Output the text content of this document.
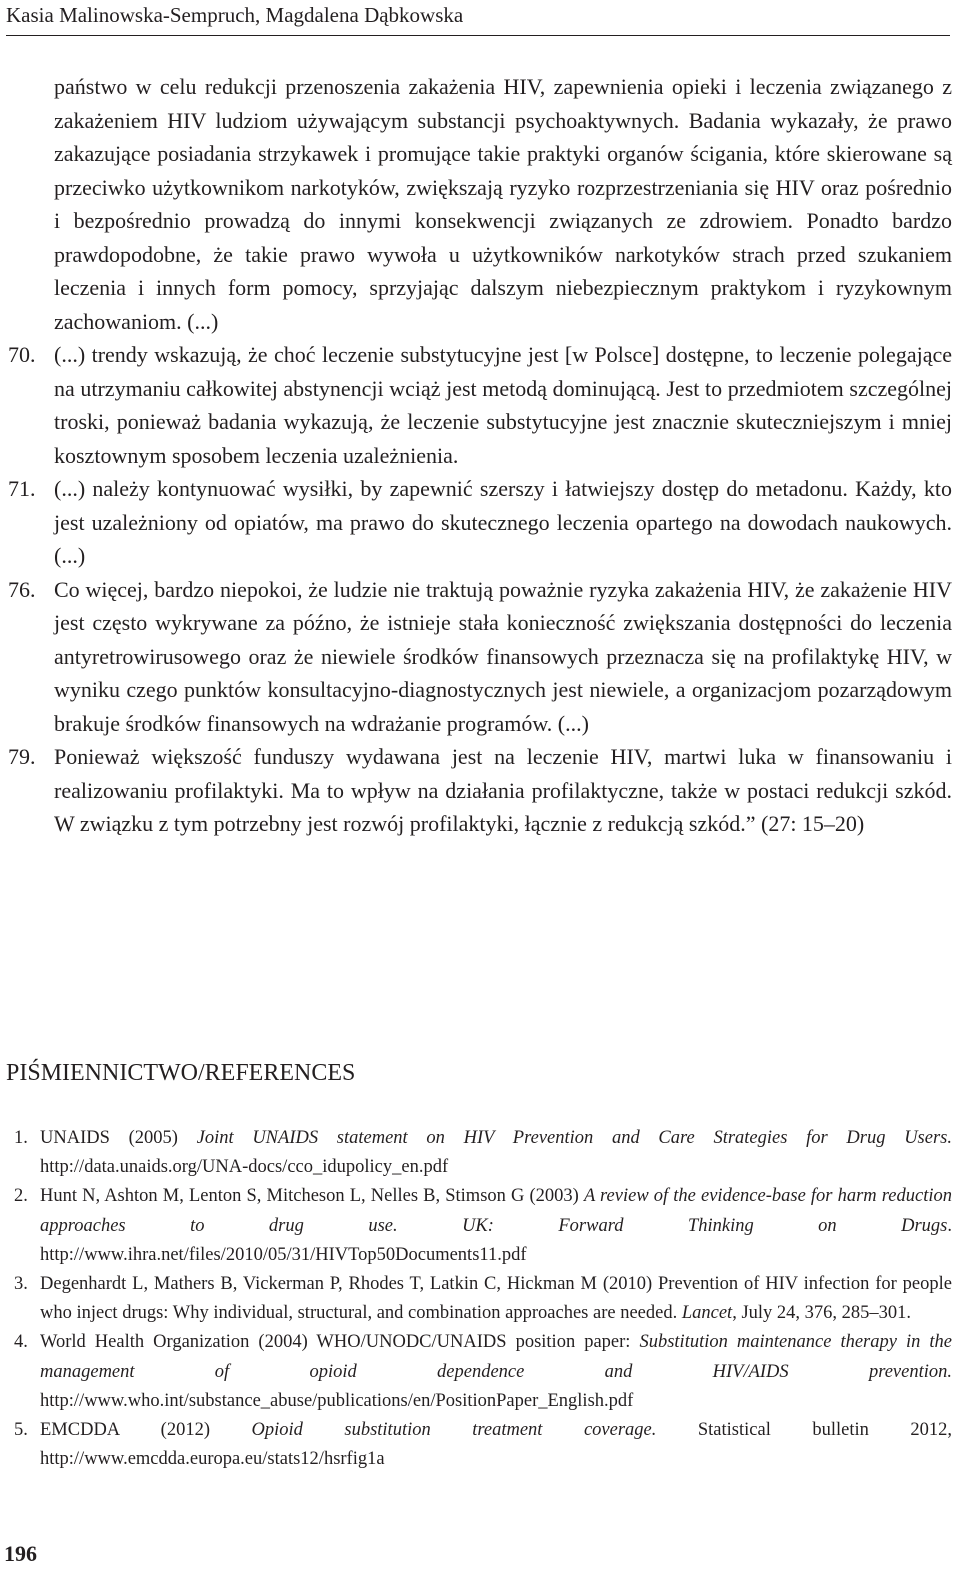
Kasia Malinowska-Sempruch, Magdalena Dąbkowska
państwo w celu redukcji przenoszenia zakażenia HIV, zapewnienia opieki i leczenia związanego z zakażeniem HIV ludziom używającym substancji psychoaktywnych. Badania wykazały, że prawo zakazujące posiadania strzykawek i promujące takie praktyki organów ścigania, które skierowane są przeciwko użytkownikom narkotyków, zwiększają ryzyko rozprzestrzeniania się HIV oraz pośrednio i bezpośrednio prowadzą do innymi konsekwencji związanych ze zdrowiem. Ponadto bardzo prawdopodobne, że takie prawo wywoła u użytkowników narkotyków strach przed szukaniem leczenia i innych form pomocy, sprzyjając dalszym niebezpiecznym praktykom i ryzykownym zachowaniom. (...)
70. (...) trendy wskazują, że choć leczenie substytucyjne jest [w Polsce] dostępne, to leczenie polegające na utrzymaniu całkowitej abstynencji wciąż jest metodą dominującą. Jest to przedmiotem szczególnej troski, ponieważ badania wykazują, że leczenie substytucyjne jest znacznie skuteczniejszym i mniej kosztownym sposobem leczenia uzależnienia.
71. (...) należy kontynuować wysiłki, by zapewnić szerszy i łatwiejszy dostęp do metadonu. Każdy, kto jest uzależniony od opiatów, ma prawo do skutecznego leczenia opartego na dowodach naukowych. (...)
76. Co więcej, bardzo niepokoi, że ludzie nie traktują poważnie ryzyka zakażenia HIV, że zakażenie HIV jest często wykrywane za późno, że istnieje stała konieczność zwiększania dostępności do leczenia antyretrowirusowego oraz że niewiele środków finansowych przeznacza się na profilaktykę HIV, w wyniku czego punktów konsultacyjno-diagnostycznych jest niewiele, a organizacjom pozarządowym brakuje środków finansowych na wdrażanie programów. (...)
79. Ponieważ większość funduszy wydawana jest na leczenie HIV, martwi luka w finansowaniu i realizowaniu profilaktyki. Ma to wpływ na działania profilaktyczne, także w postaci redukcji szkód. W związku z tym potrzebny jest rozwój profilaktyki, łącznie z redukcją szkód.” (27: 15–20)
PIŚMIENNICTWO/REFERENCES
1. UNAIDS (2005) Joint UNAIDS statement on HIV Prevention and Care Strategies for Drug Users. http://data.unaids.org/UNA-docs/cco_idupolicy_en.pdf
2. Hunt N, Ashton M, Lenton S, Mitcheson L, Nelles B, Stimson G (2003) A review of the evidence-base for harm reduction approaches to drug use. UK: Forward Thinking on Drugs. http://www.ihra.net/files/2010/05/31/HIVTop50Documents11.pdf
3. Degenhardt L, Mathers B, Vickerman P, Rhodes T, Latkin C, Hickman M (2010) Prevention of HIV infection for people who inject drugs: Why individual, structural, and combination approaches are needed. Lancet, July 24, 376, 285–301.
4. World Health Organization (2004) WHO/UNODC/UNAIDS position paper: Substitution maintenance therapy in the management of opioid dependence and HIV/AIDS prevention. http://www.who.int/substance_abuse/publications/en/PositionPaper_English.pdf
5. EMCDDA (2012) Opioid substitution treatment coverage. Statistical bulletin 2012, http://www.emcdda.europa.eu/stats12/hsrfig1a
196
